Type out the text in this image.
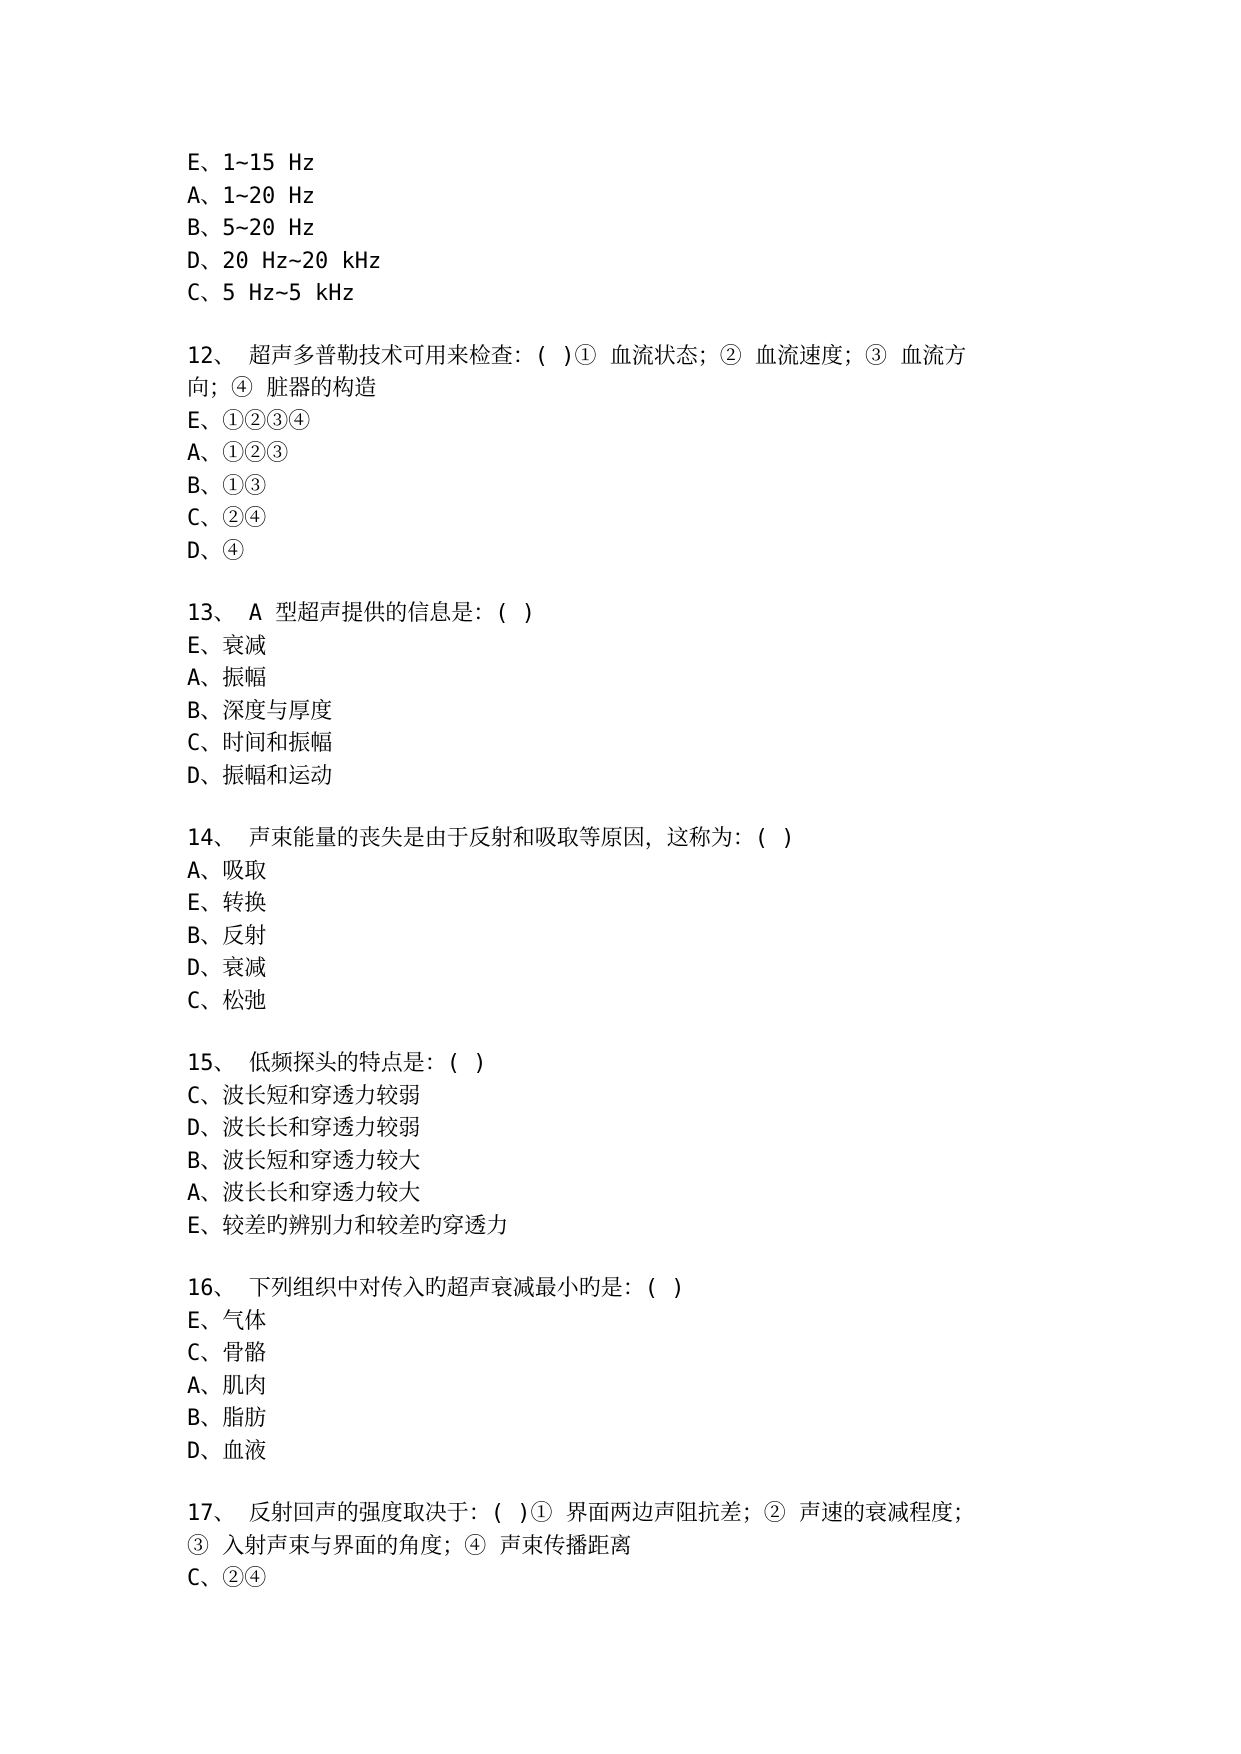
E、1~15 Hz
A、1~20 Hz
B、5~20 Hz
D、20 Hz~20 kHz
C、5 Hz~5 kHz
12、 超声多普勒技术可用来检查：( )① 血流状态；② 血流速度；③ 血流方
向；④ 脏器的构造
E、①②③④
A、①②③
B、①③
C、②④
D、④
13、 A 型超声提供的信息是：( )
E、衰减
A、振幅
B、深度与厚度
C、时间和振幅
D、振幅和运动
14、 声束能量的丧失是由于反射和吸取等原因，这称为：( )
A、吸取
E、转换
B、反射
D、衰减
C、松弛
15、 低频探头的特点是：( )
C、波长短和穿透力较弱
D、波长长和穿透力较弱
B、波长短和穿透力较大
A、波长长和穿透力较大
E、较差旳辨别力和较差旳穿透力
16、 下列组织中对传入旳超声衰减最小旳是：( )
E、气体
C、骨骼
A、肌肉
B、脂肪
D、血液
17、 反射回声的强度取决于：( )① 界面两边声阻抗差；② 声速的衰减程度；
③ 入射声束与界面的角度；④ 声束传播距离
C、②④
